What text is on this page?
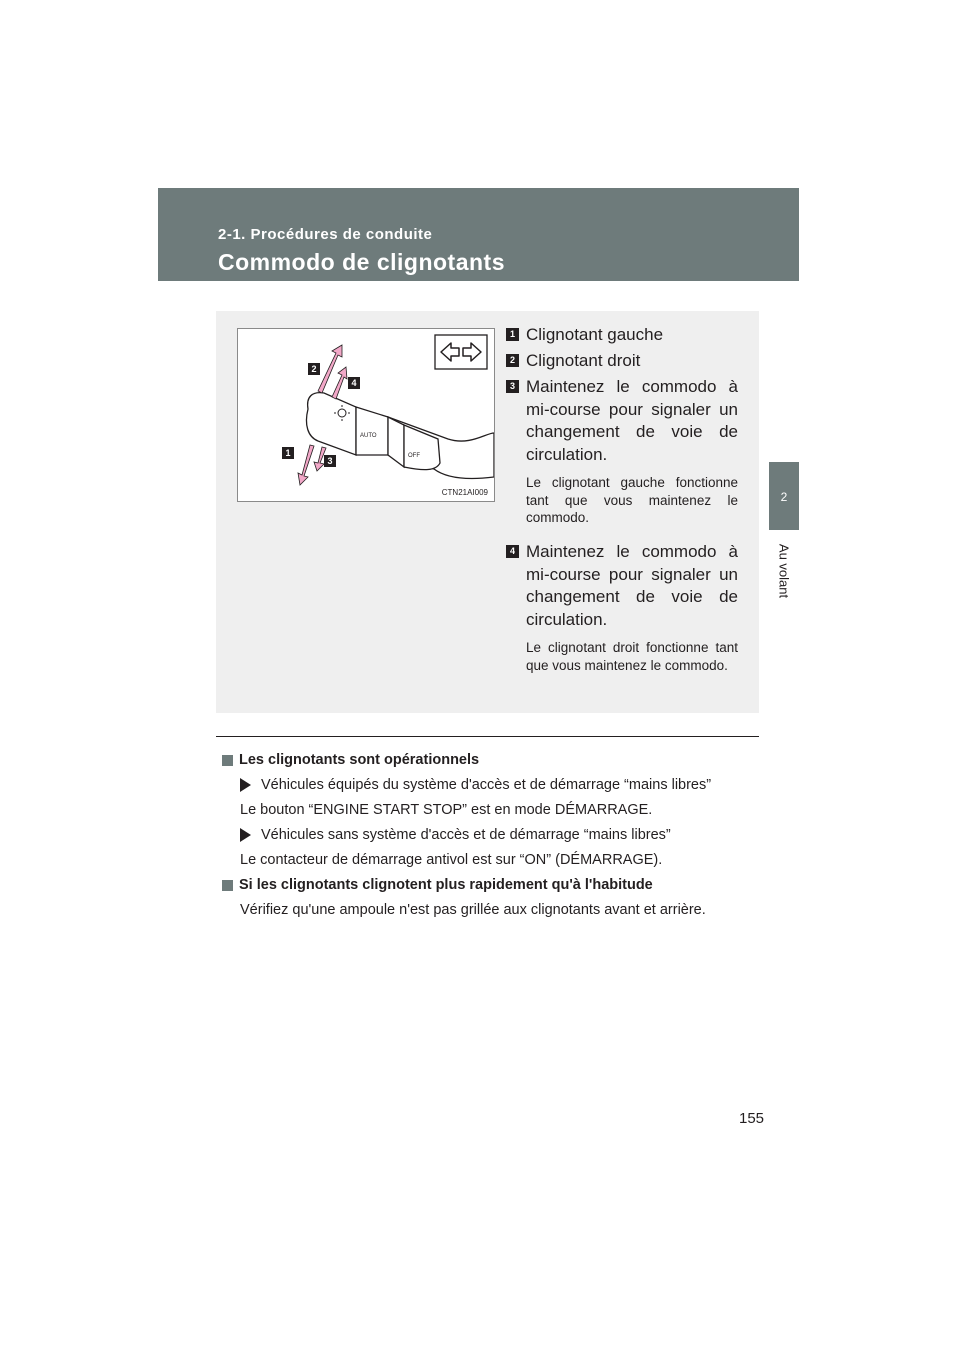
2-1. Procédures de conduite
Commodo de clignotants
2
Au volant
AUTO
OFF
1
2
3
4
CTN21AI009
1 Clignotant gauche
2 Clignotant droit
3 Maintenez le commodo à mi-course pour signaler un changement de voie de circulation.
Le clignotant gauche fonctionne tant que vous maintenez le commodo.
4 Maintenez le commodo à mi-course pour signaler un changement de voie de circulation.
Le clignotant droit fonctionne tant que vous maintenez le commodo.
Les clignotants sont opérationnels
Véhicules équipés du système d'accès et de démarrage “mains libres”
Le bouton “ENGINE START STOP” est en mode DÉMARRAGE.
Véhicules sans système d'accès et de démarrage “mains libres”
Le contacteur de démarrage antivol est sur “ON” (DÉMARRAGE).
Si les clignotants clignotent plus rapidement qu'à l'habitude
Vérifiez qu'une ampoule n'est pas grillée aux clignotants avant et arrière.
155
